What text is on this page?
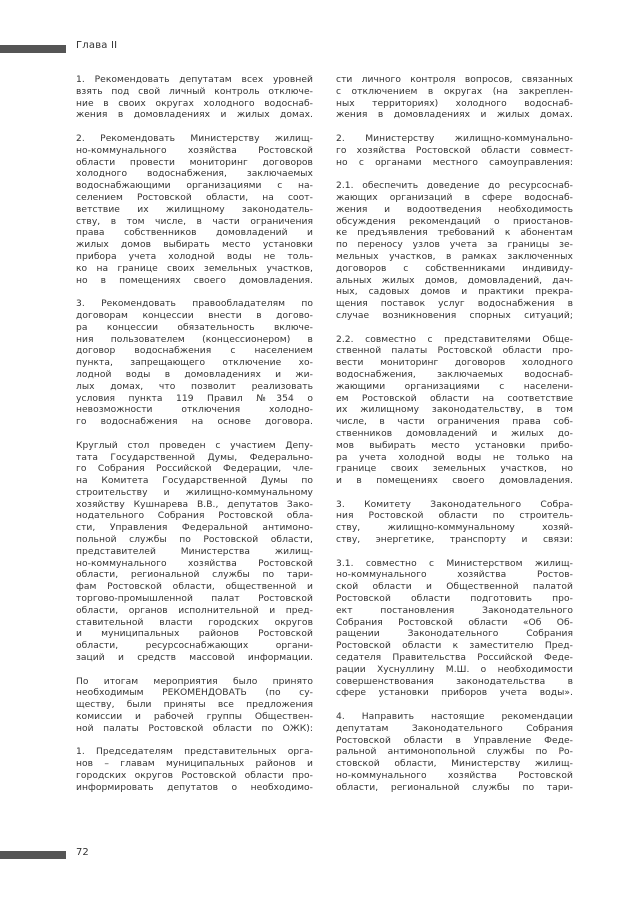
Глава II

1. Рекомендовать депутатам всех уровней
взять под свой личный контроль отключе-
ние в своих округах холодного водоснаб-
жения в домовладениях и жилых домах.

2. Рекомендовать Министерству жилищ-
но-коммунального хозяйства Ростовской
области провести мониторинг договоров
холодного водоснабжения, заключаемых
водоснабжающими организациями с на-
селением Ростовской области, на соот-
ветствие их жилищному законодатель-
ству, в том числе, в части ограничения
права собственников домовладений и
жилых домов выбирать место установки
прибора учета холодной воды не толь-
ко на границе своих земельных участков,
но в помещениях своего домовладения.

3. Рекомендовать правообладателям по
договорам концессии внести в догово-
ра концессии обязательность включе-
ния пользователем (концессионером) в
договор водоснабжения с населением
пункта, запрещающего отключение хо-
лодной воды в домовладениях и жи-
лых домах, что позволит реализовать
условия пункта 119 Правил №354 о
невозможности отключения холодно-
го водоснабжения на основе договора.

Круглый стол проведен с участием Депу-
тата Государственной Думы, Федерально-
го Собрания Российской Федерации, чле-
на Комитета Государственной Думы по
строительству и жилищно-коммунальному
хозяйству Кушнарева В.В., депутатов Зако-
нодательного Собрания Ростовской обла-
сти, Управления Федеральной антимоно-
польной службы по Ростовской области,
представителей Министерства жилищ-
но-коммунального хозяйства Ростовской
области, региональной службы по тари-
фам Ростовской области, общественной и
торгово-промышленной палат Ростовской
области, органов исполнительной и пред-
ставительной власти городских округов
и муниципальных районов Ростовской
области, ресурсоснабжающих органи-
заций и средств массовой информации.

По итогам мероприятия было принято
необходимым РЕКОМЕНДОВАТЬ (по су-
ществу, были приняты все предложения
комиссии и рабочей группы Обществен-
ной палаты Ростовской области по ОЖК):

1. Председателям представительных орга-
нов – главам муниципальных районов и
городских округов Ростовской области про-
информировать депутатов о необходимо-

сти личного контроля вопросов, связанных
с отключением в округах (на закреплен-
ных территориях) холодного водоснаб-
жения в домовладениях и жилых домах.

2. Министерству жилищно-коммунально-
го хозяйства Ростовской области совмест-
но с органами местного самоуправления:

2.1. обеспечить доведение до ресурсоснаб-
жающих организаций в сфере водоснаб-
жения и водоотведения необходимость
обсуждения рекомендаций о приостанов-
ке предъявления требований к абонентам
по переносу узлов учета за границы зе-
мельных участков, в рамках заключенных
договоров с собственниками индивиду-
альных жилых домов, домовладений, дач-
ных, садовых домов и практики прекра-
щения поставок услуг водоснабжения в
случае возникновения спорных ситуаций;

2.2. совместно с представителями Обще-
ственной палаты Ростовской области про-
вести мониторинг договоров холодного
водоснабжения, заключаемых водоснаб-
жающими организациями с населени-
ем Ростовской области на соответствие
их жилищному законодательству, в том
числе, в части ограничения права соб-
ственников домовладений и жилых до-
мов выбирать место установки прибо-
ра учета холодной воды не только на
границе своих земельных участков, но
и в помещениях своего домовладения.

3. Комитету Законодательного Собра-
ния Ростовской области по строитель-
ству, жилищно-коммунальному хозяй-
ству, энергетике, транспорту и связи:

3.1. совместно с Министерством жилищ-
но-коммунального хозяйства Ростов-
ской области и Общественной палатой
Ростовской области подготовить про-
ект постановления Законодательного
Собрания Ростовской области «Об Об-
ращении Законодательного Собрания
Ростовской области к заместителю Пред-
седателя Правительства Российской Феде-
рации Хуснуллину М.Ш. о необходимости
совершенствования законодательства в
сфере установки приборов учета воды».

4. Направить настоящие рекомендации
депутатам Законодательного Собрания
Ростовской области в Управление Феде-
ральной антимонопольной службы по Ро-
стовской области, Министерству жилищ-
но-коммунального хозяйства Ростовской
области, региональной службы по тари-

72
